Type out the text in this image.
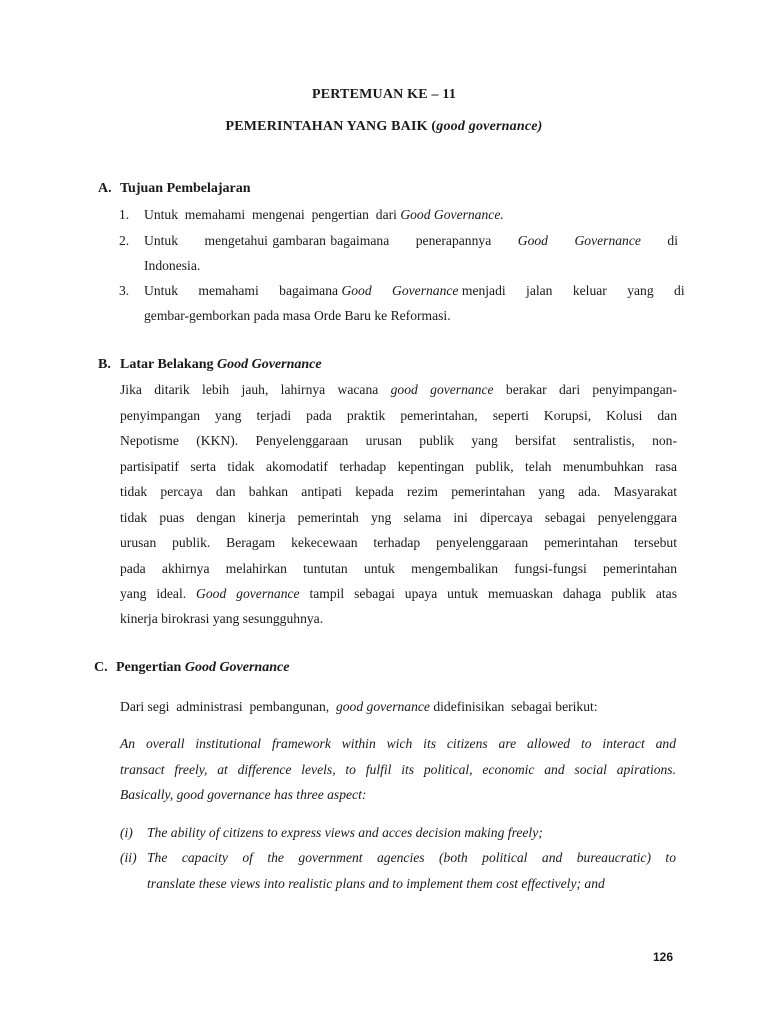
PERTEMUAN KE – 11
PEMERINTAHAN YANG BAIK (good governance)
A. Tujuan Pembelajaran
1. Untuk  memahami  mengenai  pengertian  dari Good Governance.
2. Untuk      mengetahui gambaran bagaimana      penerapannya      Good      Governance      di
Indonesia.
3. Untuk      memahami      bagaimana Good      Governance menjadi      jalan      keluar      yang      di
gembar-gemborkan pada masa Orde Baru ke Reformasi.
B. Latar Belakang Good Governance
Jika  ditarik  lebih  jauh,  lahirnya  wacana  good  governance  berakar  dari  penyimpangan-
penyimpangan yang terjadi pada praktik pemerintahan, seperti Korupsi, Kolusi dan
Nepotisme (KKN). Penyelenggaraan urusan publik yang bersifat sentralistis, non-
partisipatif serta tidak akomodatif terhadap kepentingan publik, telah menumbuhkan rasa
tidak percaya dan bahkan antipati kepada rezim pemerintahan yang ada. Masyarakat
tidak puas dengan kinerja pemerintah yng selama ini dipercaya sebagai penyelenggara
urusan publik. Beragam kekecewaan terhadap penyelenggaraan pemerintahan tersebut
pada akhirnya melahirkan tuntutan untuk mengembalikan fungsi-fungsi pemerintahan
yang ideal. Good governance tampil sebagai upaya untuk memuaskan dahaga publik atas
kinerja birokrasi yang sesungguhnya.
C. Pengertian Good Governance
Dari segi  administrasi  pembangunan,  good governance didefinisikan  sebagai berikut:
An overall institutional framework within wich its citizens are allowed to interact and
transact freely, at difference levels, to fulfil its political, economic and social apirations.
Basically, good governance has three aspect:
(i) The ability of citizens to express views and acces decision making freely;
(ii) The capacity of the government agencies (both political and bureaucratic) to
translate these views into realistic plans and to implement them cost effectively; and
126
